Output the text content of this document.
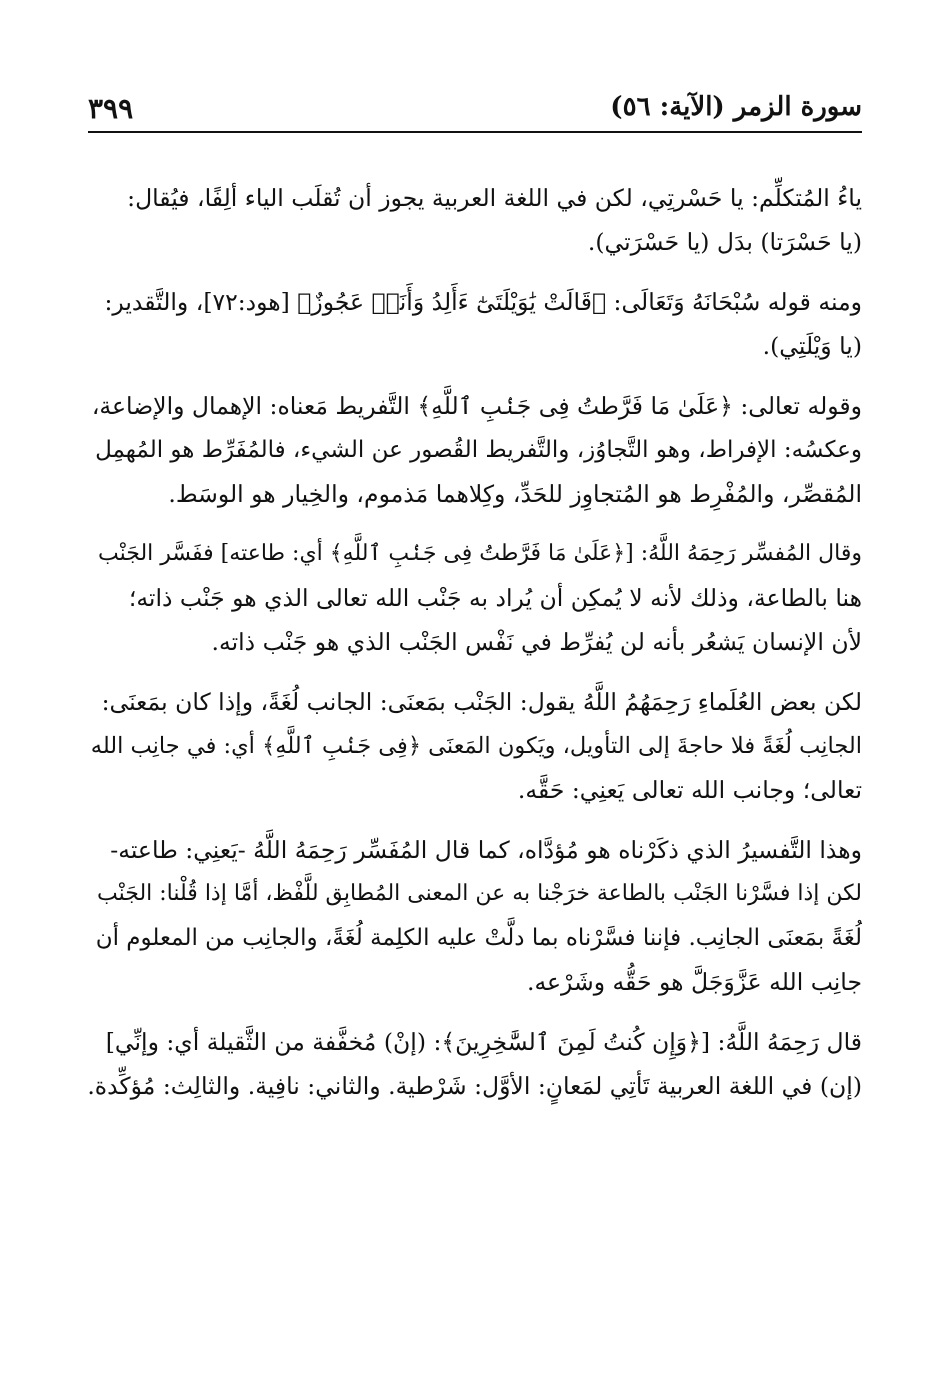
٣٩٩	سورة الزمر (الآية: ٥٦)
ياءُ المُتكلِّم: يا حَسْرتِي، لكن في اللغة العربية يجوز أن تُقلَب الياء ألِفًا، فيُقال:
(يا حَسْرَتا) بدَل (يا حَسْرَتي).
ومنه قوله سُبْحَانَهُ وَتَعَالَى: ﴿قَالَتْ يَٰوَيْلَتَىٰٓ ءَأَلِدُ وَأَنَا۠ عَجُوزٌ﴾ [هود:٧٢]، والتَّقدير:
(يا وَيْلَتِي).
وقوله تعالى: ﴿عَلَىٰ مَا فَرَّطتُ فِى جَنۢبِ ٱللَّهِ﴾ التَّفريط مَعناه: الإهمال والإضاعة،
وعكسُه: الإفراط، وهو التَّجاوُز، والتَّفريط القُصور عن الشيء، فالمُفَرِّط هو المُهمِل
المُقصِّر، والمُفْرِط هو المُتجاوِز للحَدِّ، وكِلاهما مَذموم، والخِيار هو الوسَط.
وقال المُفسِّر رَحِمَهُ اللَّهُ: [﴿عَلَىٰ مَا فَرَّطتُ فِى جَنۢبِ ٱللَّهِ﴾ أي: طاعته] ففَسَّر الجَنْب
هنا بالطاعة، وذلك لأنه لا يُمكِن أن يُراد به جَنْب الله تعالى الذي هو جَنْب ذاته؛
لأن الإنسان يَشعُر بأنه لن يُفرِّط في نَفْس الجَنْب الذي هو جَنْب ذاته.
لكن بعض العُلَماءِ رَحِمَهُمُ اللَّهُ يقول: الجَنْب بمَعنَى: الجانب لُغَةً، وإذا كان بمَعنَى:
الجانِب لُغَةً فلا حاجةَ إلى التأويل، ويَكون المَعنَى ﴿فِى جَنۢبِ ٱللَّهِ﴾ أي: في جانِب الله
تعالى؛ وجانب الله تعالى يَعنِي: حَقَّه.
وهذا التَّفسيرُ الذي ذكَرْناه هو مُؤدَّاه، كما قال المُفَسِّر رَحِمَهُ اللَّهُ -يَعنِي: طاعته-
لكن إذا فسَّرْنا الجَنْب بالطاعة خرَجْنا به عن المعنى المُطابِق للَّفْظ، أمَّا إذا قُلْنا: الجَنْب
لُغَةً بمَعنَى الجانِب. فإننا فسَّرْناه بما دلَّتْ عليه الكلِمة لُغَةً، والجانِب من المعلوم أن
جانِب الله عَزَّوَجَلَّ هو حَقُّه وشَرْعه.
قال رَحِمَهُ اللَّهُ: [﴿وَإِن كُنتُ لَمِنَ ٱلسَّٰخِرِينَ﴾: (إنْ) مُخفَّفة من الثَّقيلة أي: وإنِّي]
(إن) في اللغة العربية تَأتِي لمَعانٍ: الأوَّل: شَرْطية. والثاني: نافِية. والثالِث: مُؤكِّدة.
